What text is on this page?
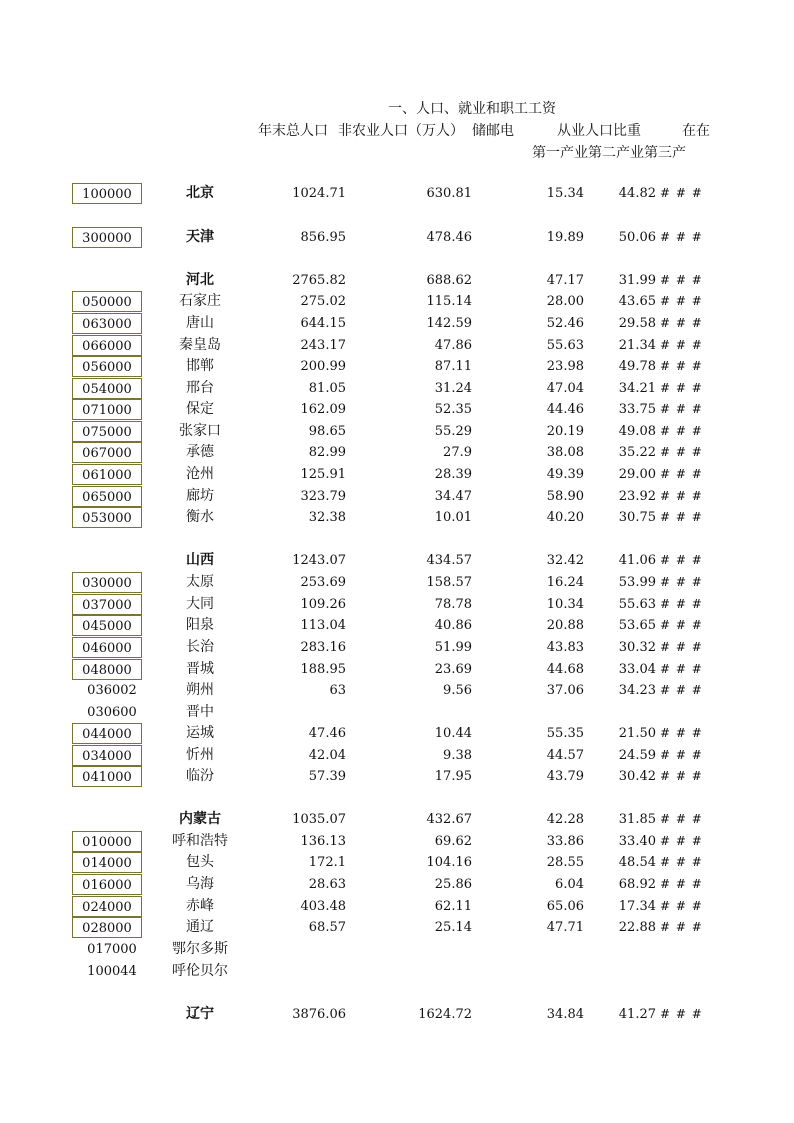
一、人口、就业和职工工资
年末总人口 非农业人口（万人） 储邮电	从业人口比重	在在
第一产业第二产业第三产
100000	北京	1024.71	630.81	15.34	44.82 # # #
300000	天津	856.95	478.46	19.89	50.06 # # #
河北	2765.82	688.62	47.17	31.99 # # #
050000	石家庄	275.02	115.14	28.00	43.65 # # #
063000	唐山	644.15	142.59	52.46	29.58 # # #
066000	秦皇岛	243.17	47.86	55.63	21.34 # # #
056000	邯郸	200.99	87.11	23.98	49.78 # # #
054000	邢台	81.05	31.24	47.04	34.21 # # #
071000	保定	162.09	52.35	44.46	33.75 # # #
075000	张家口	98.65	55.29	20.19	49.08 # # #
067000	承德	82.99	27.9	38.08	35.22 # # #
061000	沧州	125.91	28.39	49.39	29.00 # # #
065000	廊坊	323.79	34.47	58.90	23.92 # # #
053000	衡水	32.38	10.01	40.20	30.75 # # #
山西	1243.07	434.57	32.42	41.06 # # #
030000	太原	253.69	158.57	16.24	53.99 # # #
037000	大同	109.26	78.78	10.34	55.63 # # #
045000	阳泉	113.04	40.86	20.88	53.65 # # #
046000	长治	283.16	51.99	43.83	30.32 # # #
048000	晋城	188.95	23.69	44.68	33.04 # # #
036002	朔州	63	9.56	37.06	34.23 # # #
030600	晋中
044000	运城	47.46	10.44	55.35	21.50 # # #
034000	忻州	42.04	9.38	44.57	24.59 # # #
041000	临汾	57.39	17.95	43.79	30.42 # # #
内蒙古	1035.07	432.67	42.28	31.85 # # #
010000	呼和浩特	136.13	69.62	33.86	33.40 # # #
014000	包头	172.1	104.16	28.55	48.54 # # #
016000	乌海	28.63	25.86	6.04	68.92 # # #
024000	赤峰	403.48	62.11	65.06	17.34 # # #
028000	通辽	68.57	25.14	47.71	22.88 # # #
017000	鄂尔多斯
100044	呼伦贝尔
辽宁	3876.06	1624.72	34.84	41.27 # # #
